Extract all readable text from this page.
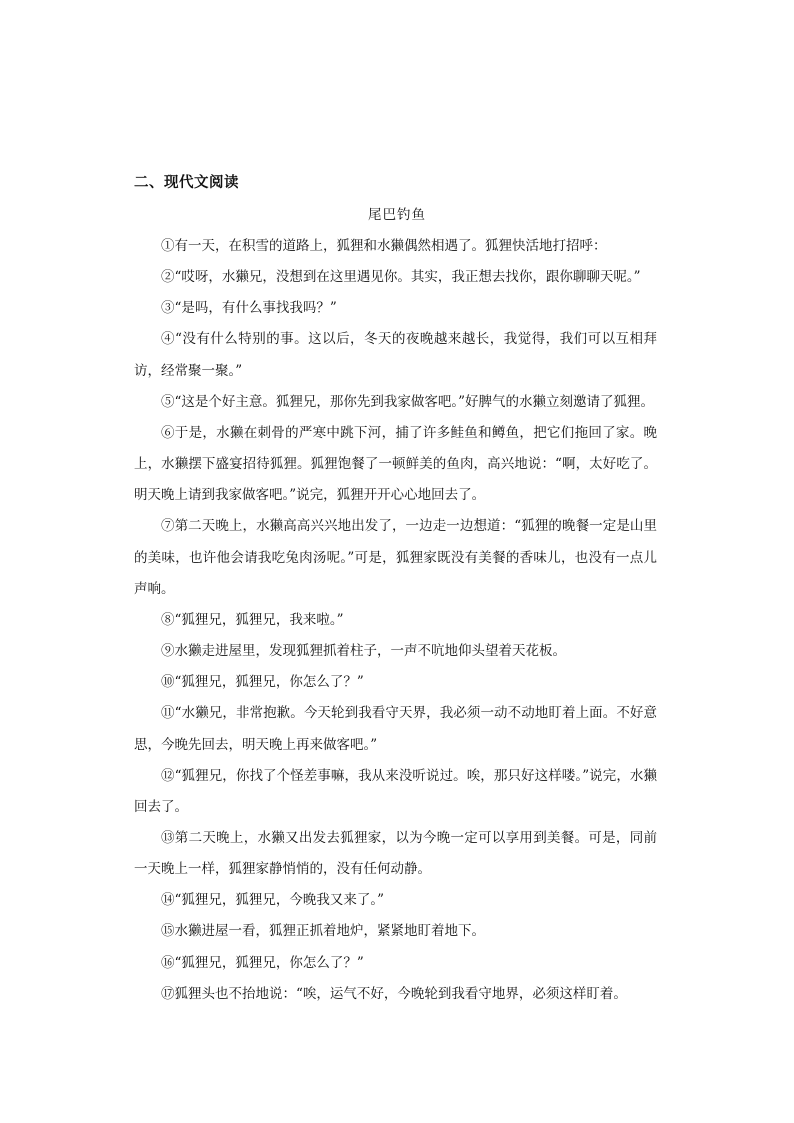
二、现代文阅读
尾巴钓鱼

①有一天，在积雪的道路上，狐狸和水獭偶然相遇了。狐狸快活地打招呼：

②“哎呀，水獭兄，没想到在这里遇见你。其实，我正想去找你，跟你聊聊天呢。”

③“是吗，有什么事找我吗？”

④“没有什么特别的事。这以后，冬天的夜晚越来越长，我觉得，我们可以互相拜访，经常聚一聚。”

⑤“这是个好主意。狐狸兄，那你先到我家做客吧。”好脾气的水獭立刻邀请了狐狸。

⑥于是，水獭在刺骨的严寒中跳下河，捕了许多鲑鱼和鳟鱼，把它们拖回了家。晚上，水獭摆下盛宴招待狐狸。狐狸饱餐了一顿鲜美的鱼肉，高兴地说：“啊，太好吃了。明天晚上请到我家做客吧。”说完，狐狸开开心心地回去了。

⑦第二天晚上，水獭高高兴兴地出发了，一边走一边想道：“狐狸的晚餐一定是山里的美味，也许他会请我吃兔肉汤呢。”可是，狐狸家既没有美餐的香味儿，也没有一点儿声响。

⑧“狐狸兄，狐狸兄，我来啦。”

⑨水獭走进屋里，发现狐狸抓着柱子，一声不吭地仰头望着天花板。

⑩“狐狸兄，狐狸兄，你怎么了？”

⑪“水獭兄，非常抱歉。今天轮到我看守天界，我必须一动不动地盯着上面。不好意思，今晚先回去，明天晚上再来做客吧。”

⑫“狐狸兄，你找了个怪差事嘛，我从来没听说过。唉，那只好这样喽。”说完，水獭回去了。

⑬第二天晚上，水獭又出发去狐狸家，以为今晚一定可以享用到美餐。可是，同前一天晚上一样，狐狸家静悄悄的，没有任何动静。

⑭“狐狸兄，狐狸兄，今晚我又来了。”

⑮水獭进屋一看，狐狸正抓着地炉，紧紧地盯着地下。

⑯“狐狸兄，狐狸兄，你怎么了？”

⑰狐狸头也不抬地说：“唉，运气不好，今晚轮到我看守地界，必须这样盯着。
